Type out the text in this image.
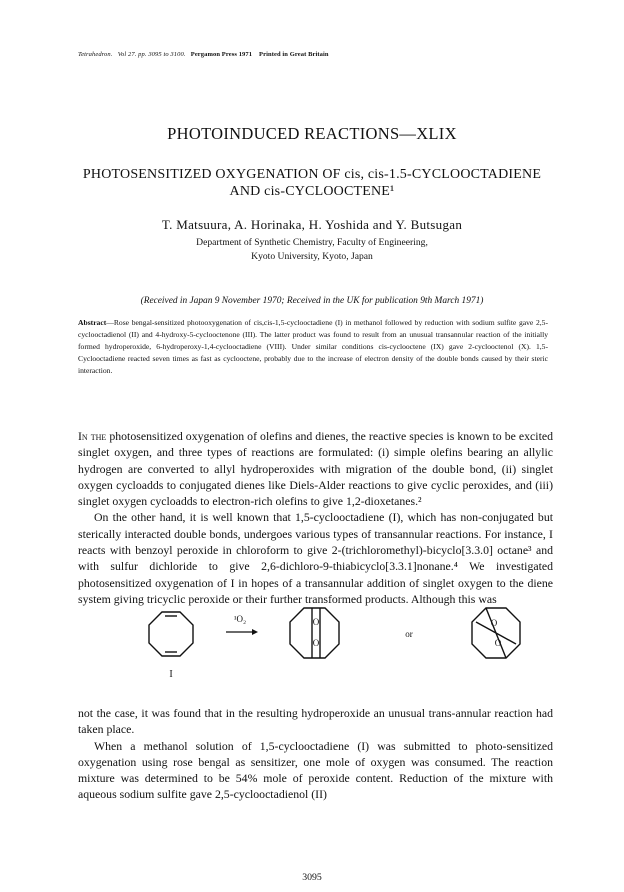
Tetrahedron. Vol 27. pp. 3095 to 3100. Pergamon Press 1971 Printed in Great Britain
PHOTOINDUCED REACTIONS—XLIX
PHOTOSENSITIZED OXYGENATION OF cis, cis-1.5-CYCLOOCTADIENE
AND cis-CYCLOOCTENE¹
T. Matsuura, A. Horinaka, H. Yoshida and Y. Butsugan
Department of Synthetic Chemistry, Faculty of Engineering,
Kyoto University, Kyoto, Japan
(Received in Japan 9 November 1970; Received in the UK for publication 9th March 1971)
Abstract—Rose bengal-sensitized photooxygenation of cis,cis-1,5-cyclooctadiene (I) in methanol followed by reduction with sodium sulfite gave 2,5-cyclooctadienol (II) and 4-hydroxy-5-cyclooctenone (III). The latter product was found to result from an unusual transannular reaction of the initially formed hydroperoxide, 6-hydroperoxy-1,4-cyclooctadiene (VIII). Under similar conditions cis-cyclooctene (IX) gave 2-cyclooctenol (X). 1,5-Cyclooctadiene reacted seven times as fast as cyclooctene, probably due to the increase of electron density of the double bonds caused by their steric interaction.

In the photosensitized oxygenation of olefins and dienes, the reactive species is known to be excited singlet oxygen, and three types of reactions are formulated: (i) simple olefins bearing an allylic hydrogen are converted to allyl hydroperoxides with migration of the double bond, (ii) singlet oxygen cycloadds to conjugated dienes like Diels-Alder reactions to give cyclic peroxides, and (iii) singlet oxygen cycloadds to electron-rich olefins to give 1,2-dioxetanes.²

On the other hand, it is well known that 1,5-cyclooctadiene (I), which has non-conjugated but sterically interacted double bonds, undergoes various types of transannular reactions. For instance, I reacts with benzoyl peroxide in chloroform to give 2-(trichloromethyl)-bicyclo[3.3.0] octane³ and with sulfur dichloride to give 2,6-dichloro-9-thiabicyclo[3.3.1]nonane.⁴ We investigated photosensitized oxygenation of I in hopes of a transannular addition of singlet oxygen to the diene system giving tricyclic peroxide or their further transformed products. Although this was

I
¹O₂	O
O
or
O
O

not the case, it was found that in the resulting hydroperoxide an unusual trans-annular reaction had taken place.

When a methanol solution of 1,5-cyclooctadiene (I) was submitted to photo-sensitized oxygenation using rose bengal as sensitizer, one mole of oxygen was consumed. The reaction mixture was determined to be 54% mole of peroxide content. Reduction of the mixture with aqueous sodium sulfite gave 2,5-cyclooctadienol (II)

3095
